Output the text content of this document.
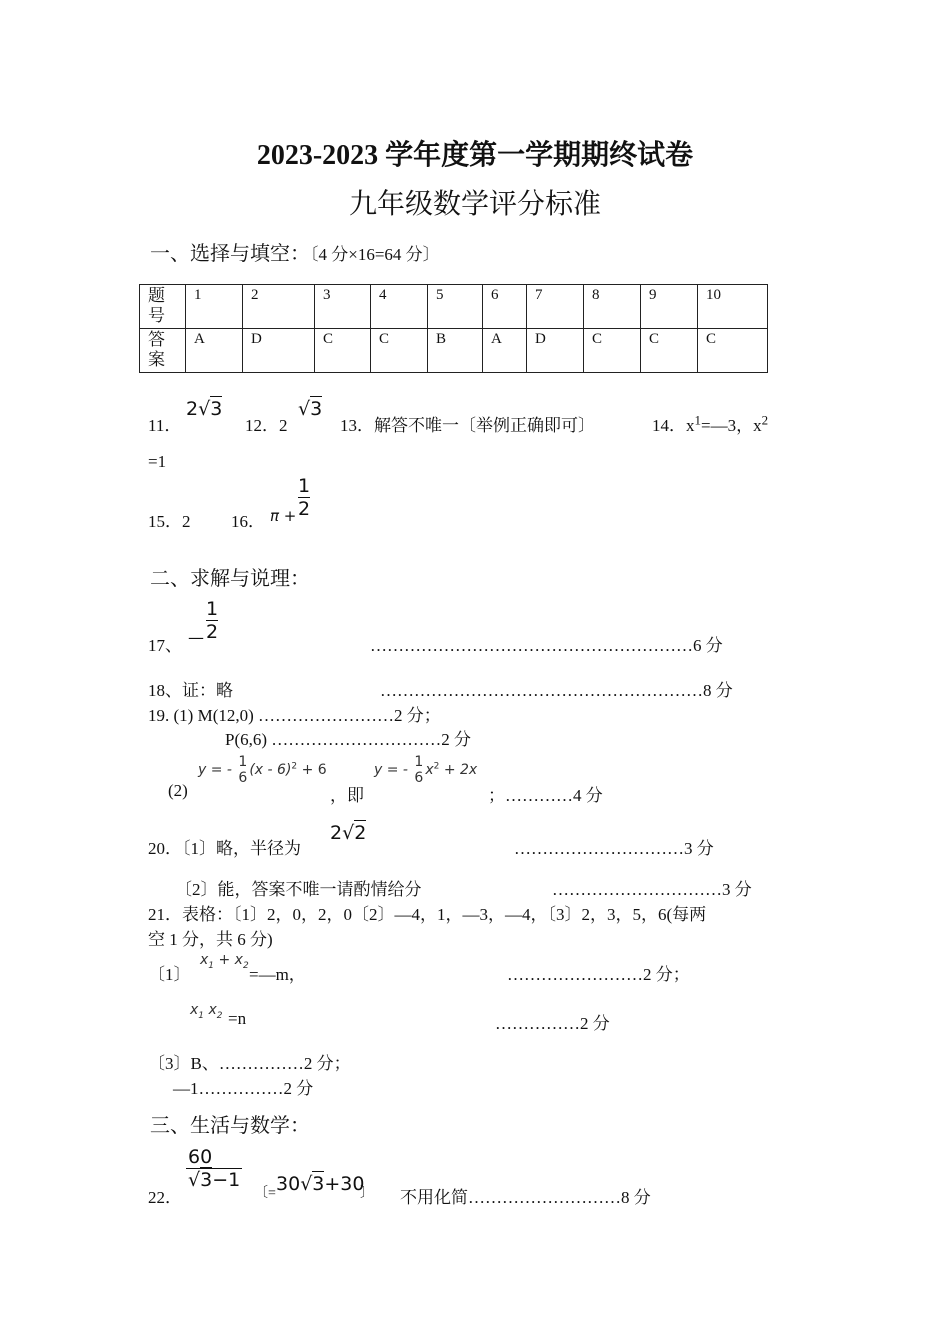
2023-2023 学年度第一学期期终试卷
九年级数学评分标准
一、选择与填空：〔4 分×16=64 分〕
题号	1	2	3	4	5	6	7	8	9	10
答案	A	D	C	C	B	A	D	C	C	C
11．
2√3
12．2
√3
13．解答不唯一〔举例正确即可〕	14．$x^1=—3$，$x^2$
=1
15．2 16． $\pi + \frac{1}{2}$
二、求解与说理：
17、 — $\frac{1}{2}$
…………………………………………………6 分
18、证：略	…………………………………………………8 分
19. (1) M(12,0) ……………………2 分；
P(6,6) …………………………2 分
(2)
y = - 1
6 (x - 6)$^2$ + 6
，即
y = - 1
6 $x^2 + 2x$
；…………4 分
20．〔1〕略，半径为
2√2
…………………………3 分
〔2〕能，答案不唯一请酌情给分	…………………………3 分
21．表格：〔1〕2，0，2，0〔2〕—4，1，—3，—4，〔3〕2，3，5，6(每两
空 1 分，共 6 分)
〔1〕
$x_1 + x_2$ =—m，	……………………2 分；
$x_1$ $x_2 =n$	……………2 分
〔3〕B、……………2 分；
—1……………2 分
三、生活与数学：
22．
$\frac{60}{√3-1}$
〔= 30√3+30
〕 不用化简………………………8 分
